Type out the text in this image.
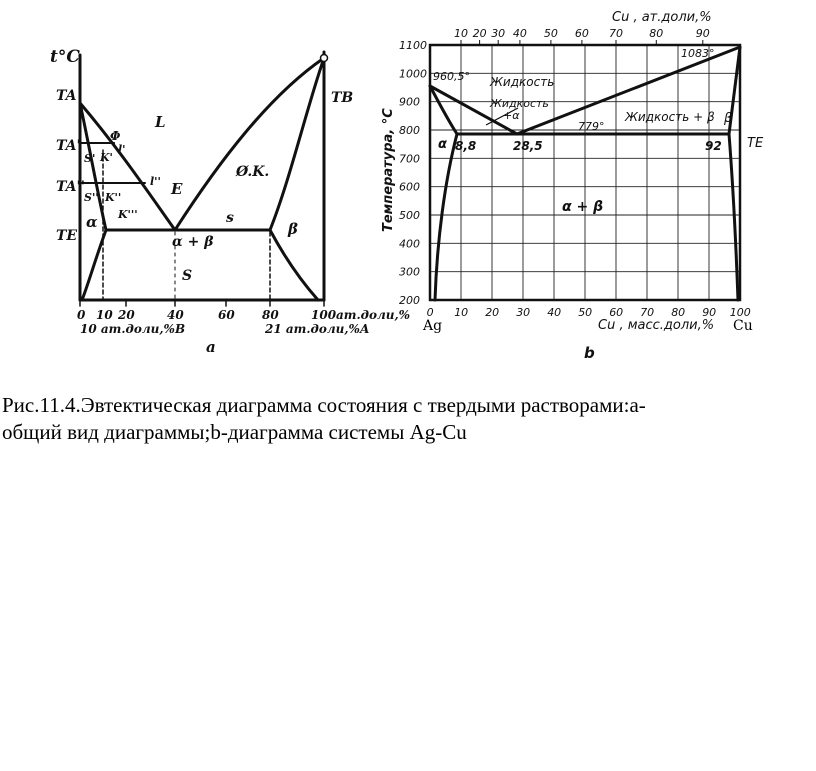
t°C
TA
TA'
TA''
TE
TB
L
Ø.K.
E
s
α	β
α + β
S
Φ
l'
l''
S'
S''
K'
K''
K'''
0 10 20	40	60 80	100 ат.доли,%
10 ат.доли,%B	21 ат.доли,%A
а
0 10 20 30 40 50 60 70 80 90 100
10 20 30 40 50 60 70 80	90
200
300
400
500
600
700
800
900
1000
1100
Cu , ат.доли,%
Cu , масс.доли,%
Температура, °С
Ag	Cu
960,5°
1083°
779°
8,8	28,5	92
Жидкость
Жидкость
+α	Жидкость + β
α
β
α + β
TE
b
Рис.11.4.Эвтектическая диаграмма состояния с твердыми растворами:а-
общий вид диаграммы;b-диаграмма системы Ag-Cu
